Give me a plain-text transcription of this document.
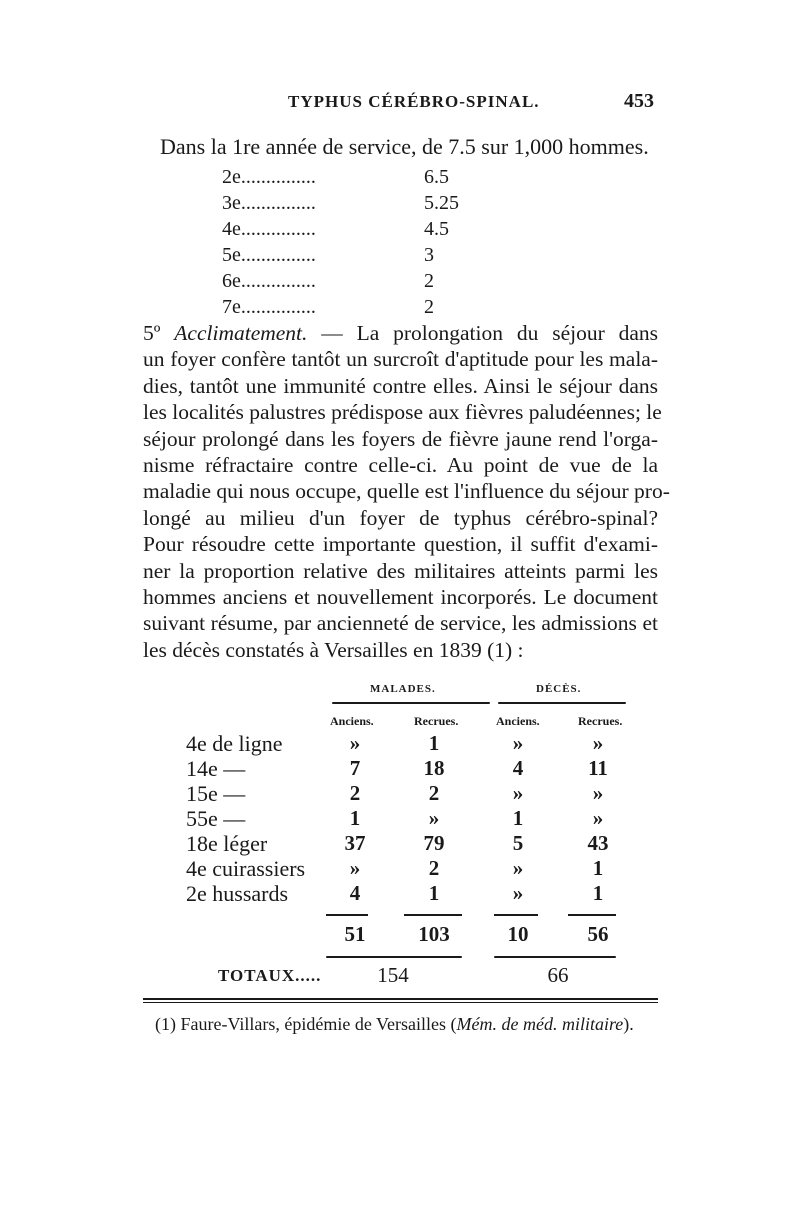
TYPHUS CÉRÉBRO-SPINAL.	453
Dans la 1re année de service, de 7.5 sur 1,000 hommes.
2e...............	6.5
3e...............	5.25
4e...............	4.5
5e...............	3
6e...............	2
7e...............	2
5º Acclimatement. — La prolongation du séjour dans
un foyer confère tantôt un surcroît d'aptitude pour les mala-
dies, tantôt une immunité contre elles. Ainsi le séjour dans
les localités palustres prédispose aux fièvres paludéennes; le
séjour prolongé dans les foyers de fièvre jaune rend l'orga-
nisme réfractaire contre celle-ci. Au point de vue de la
maladie qui nous occupe, quelle est l'influence du séjour pro-
longé au milieu d'un foyer de typhus cérébro-spinal?
Pour résoudre cette importante question, il suffit d'exami-
ner la proportion relative des militaires atteints parmi les
hommes anciens et nouvellement incorporés. Le document
suivant résume, par ancienneté de service, les admissions et
les décès constatés à Versailles en 1839 (1) :
MALADES.	DÉCÈS.
Anciens.	Recrues.	Anciens.	Recrues.
4e de ligne	»	1	»	»
14e —	7	18	4	11
15e —	2	2	»	»
55e —	1	»	1	»
18e léger	37	79	5	43
4e cuirassiers	»	2	»	1
2e hussards	4	1	»	1
51	103	10	56
TOTAUX.....	154	66
(1) Faure-Villars, épidémie de Versailles (Mém. de méd. militaire).
